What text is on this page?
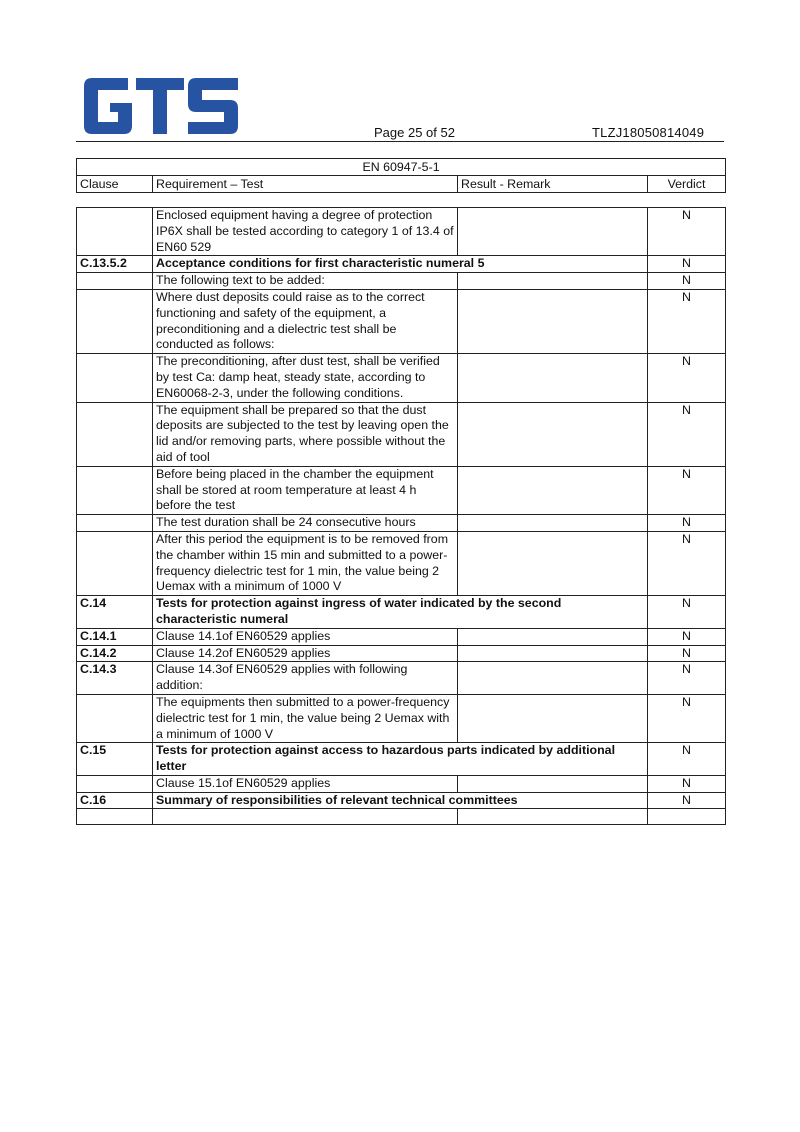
Page 25 of 52	TLZJ18050814049
EN 60947-5-1
Clause	Requirement – Test	Result - Remark	Verdict
	Enclosed equipment having a degree of protection IP6X shall be tested according to category 1 of 13.4 of EN60 529		N
C.13.5.2	Acceptance conditions for first characteristic numeral 5		N
	The following text to be added:		N
	Where dust deposits could raise as to the correct functioning and safety of the equipment, a preconditioning and a dielectric test shall be conducted as follows:		N
	The preconditioning, after dust test, shall be verified by test Ca: damp heat, steady state, according to EN60068-2-3, under the following conditions.		N
	The equipment shall be prepared so that the dust deposits are subjected to the test by leaving open the lid and/or removing parts, where possible without the aid of tool		N
	Before being placed in the chamber the equipment shall be stored at room temperature at least 4 h before the test		N
	The test duration shall be 24 consecutive hours		N
	After this period the equipment is to be removed from the chamber within 15 min and submitted to a power-frequency dielectric test for 1 min, the value being 2 Uemax with a minimum of 1000 V		N
C.14	Tests for protection against ingress of water indicated by the second characteristic numeral		N
C.14.1	Clause 14.1of EN60529 applies		N
C.14.2	Clause 14.2of EN60529 applies		N
C.14.3	Clause 14.3of EN60529 applies with following addition:		N
	The equipments then submitted to a power-frequency dielectric test for 1 min, the value being 2 Uemax with a minimum of 1000 V		N
C.15	Tests for protection against access to hazardous parts indicated by additional letter		N
	Clause 15.1of EN60529 applies		N
C.16	Summary of responsibilities of relevant technical committees		N
